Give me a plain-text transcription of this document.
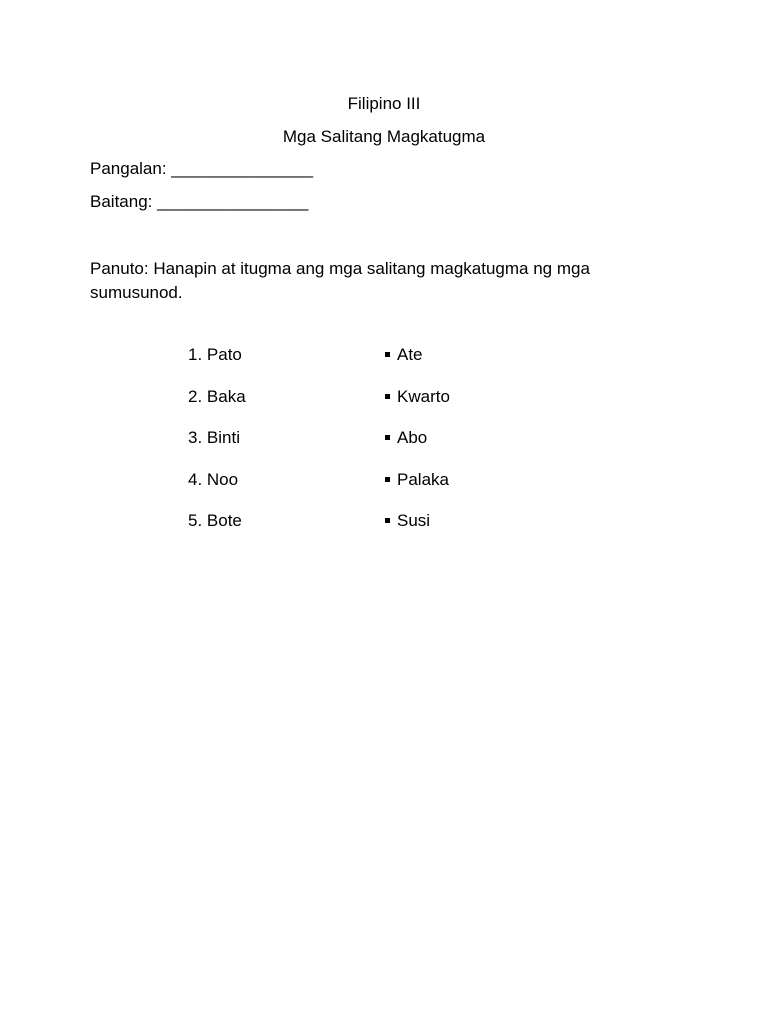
Filipino III
Mga Salitang Magkatugma
Pangalan: _______________
Baitang: ________________
Panuto: Hanapin at itugma ang mga salitang magkatugma ng mga sumusunod.
1. Pato
2. Baka
3. Binti
4. Noo
5. Bote
Ate
Kwarto
Abo
Palaka
Susi
